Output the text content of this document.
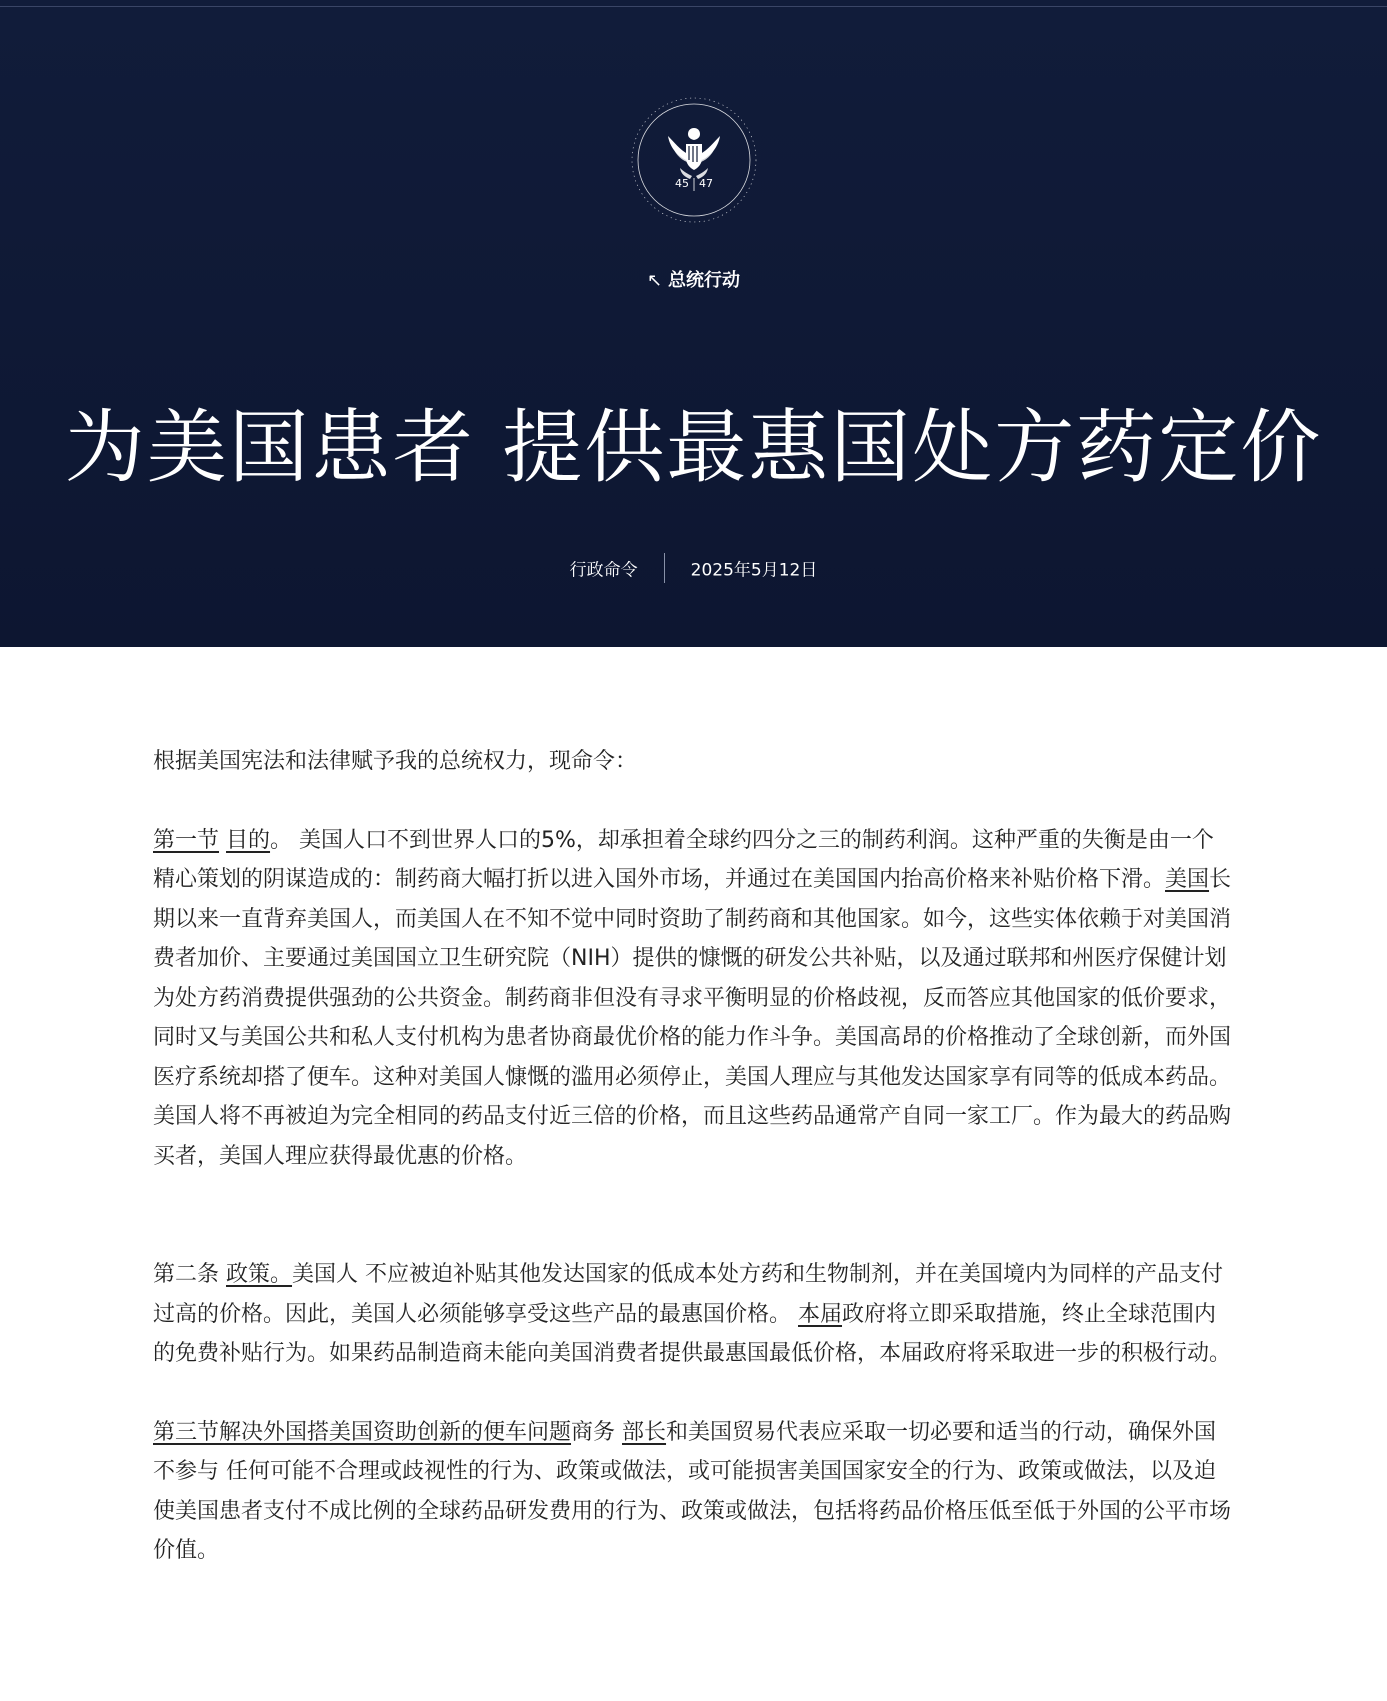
45 47
↖ 总统行动
为美国患者 提供最惠国处方药定价
行政命令	2025年5月12日

根据美国宪法和法律赋予我的总统权力，现命令：

第一节 目的。 美国人口不到世界人口的5%，却承担着全球约四分之三的制药利润。这种严重的失衡是由一个精心策划的阴谋造成的：制药商大幅打折以进入国外市场，并通过在美国国内抬高价格来补贴价格下滑。美国长期以来一直背弃美国人，而美国人在不知不觉中同时资助了制药商和其他国家。如今，这些实体依赖于对美国消费者加价、主要通过美国国立卫生研究院（NIH）提供的慷慨的研发公共补贴，以及通过联邦和州医疗保健计划为处方药消费提供强劲的公共资金。制药商非但没有寻求平衡明显的价格歧视，反而答应其他国家的低价要求，同时又与美国公共和私人支付机构为患者协商最优价格的能力作斗争。美国高昂的价格推动了全球创新，而外国医疗系统却搭了便车。这种对美国人慷慨的滥用必须停止，美国人理应与其他发达国家享有同等的低成本药品。美国人将不再被迫为完全相同的药品支付近三倍的价格，而且这些药品通常产自同一家工厂。作为最大的药品购买者，美国人理应获得最优惠的价格。

第二条 政策。美国人 不应被迫补贴其他发达国家的低成本处方药和生物制剂，并在美国境内为同样的产品支付过高的价格。因此，美国人必须能够享受这些产品的最惠国价格。 本届政府将立即采取措施，终止全球范围内的免费补贴行为。如果药品制造商未能向美国消费者提供最惠国最低价格，本届政府将采取进一步的积极行动。

第三节解决外国搭美国资助创新的便车问题商务 部长和美国贸易代表应采取一切必要和适当的行动，确保外国不参与 任何可能不合理或歧视性的行为、政策或做法，或可能损害美国国家安全的行为、政策或做法，以及迫使美国患者支付不成比例的全球药品研发费用的行为、政策或做法，包括将药品价格压低至低于外国的公平市场价值。
